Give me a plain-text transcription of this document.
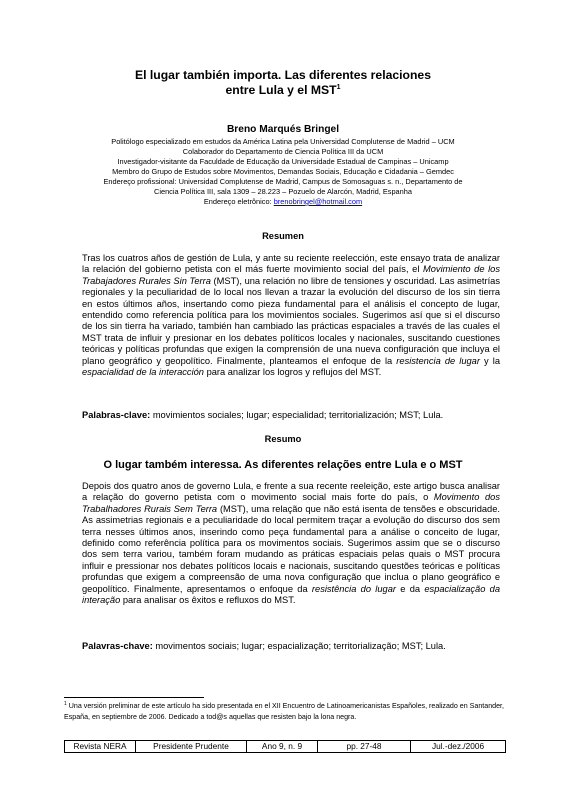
El lugar también importa. Las diferentes relaciones
entre Lula y el MST$^1$
Breno Marqués Bringel
Politólogo especializado em estudos da América Latina pela Universidad Complutense de Madrid – UCM
Colaborador do Departamento de Ciencia Política III da UCM
Investigador-visitante da Faculdade de Educação da Universidade Estadual de Campinas – Unicamp
Membro do Grupo de Estudos sobre Movimentos, Demandas Sociais, Educação e Cidadania – Gemdec
Endereço profissional: Universidad Complutense de Madrid, Campus de Somosaguas s. n., Departamento de
Ciencia Política III, sala 1309 – 28.223 – Pozuelo de Alarcón, Madrid, Espanha
Endereço eletrônico: brenobringel@hotmail.com
Resumen
Tras los cuatros años de gestión de Lula, y ante su reciente reelección, este ensayo trata de analizar la relación del gobierno petista con el más fuerte movimiento social del país, el Movimiento de los Trabajadores Rurales Sin Terra (MST), una relación no libre de tensiones y oscuridad. Las asimetrías regionales y la peculiaridad de lo local nos llevan a trazar la evolución del discurso de los sin tierra en estos últimos años, insertando como pieza fundamental para el análisis el concepto de lugar, entendido como referencia política para los movimientos sociales. Sugerimos así que si el discurso de los sin tierra ha variado, también han cambiado las prácticas espaciales a través de las cuales el MST trata de influir y presionar en los debates políticos locales y nacionales, suscitando cuestiones teóricas y políticas profundas que exigen la comprensión de una nueva configuración que incluya el plano geográfico y geopolítico. Finalmente, planteamos el enfoque de la resistencia de lugar y la espacialidad de la interacción para analizar los logros y reflujos del MST.
Palabras-clave: movimientos sociales; lugar; especialidad; territorialización; MST; Lula.
Resumo
O lugar também interessa. As diferentes relações entre Lula e o MST
Depois dos quatro anos de governo Lula, e frente a sua recente reeleição, este artigo busca analisar a relação do governo petista com o movimento social mais forte do país, o Movimento dos Trabalhadores Rurais Sem Terra (MST), uma relação que não está isenta de tensões e obscuridade. As assimetrias regionais e a peculiaridade do local permitem traçar a evolução do discurso dos sem terra nesses últimos anos, inserindo como peça fundamental para a análise o conceito de lugar, definido como referência política para os movimentos sociais. Sugerimos assim que se o discurso dos sem terra variou, também foram mudando as práticas espaciais pelas quais o MST procura influir e pressionar nos debates políticos locais e nacionais, suscitando questões teóricas e políticas profundas que exigem a compreensão de uma nova configuração que inclua o plano geográfico e geopolítico. Finalmente, apresentamos o enfoque da resistência do lugar e da espacialização da interação para analisar os êxitos e refluxos do MST.
Palavras-chave: movimentos sociais; lugar; espacialização; territorialização; MST; Lula.
$^1$ Una versión preliminar de este artículo ha sido presentada en el XII Encuentro de Latinoamericanistas Españoles, realizado en Santander, España, en septiembre de 2006. Dedicado a tod@s aquellas que resisten bajo la lona negra.
Revista NERA	Presidente Prudente	Ano 9, n. 9	pp. 27-48	Jul.-dez./2006
